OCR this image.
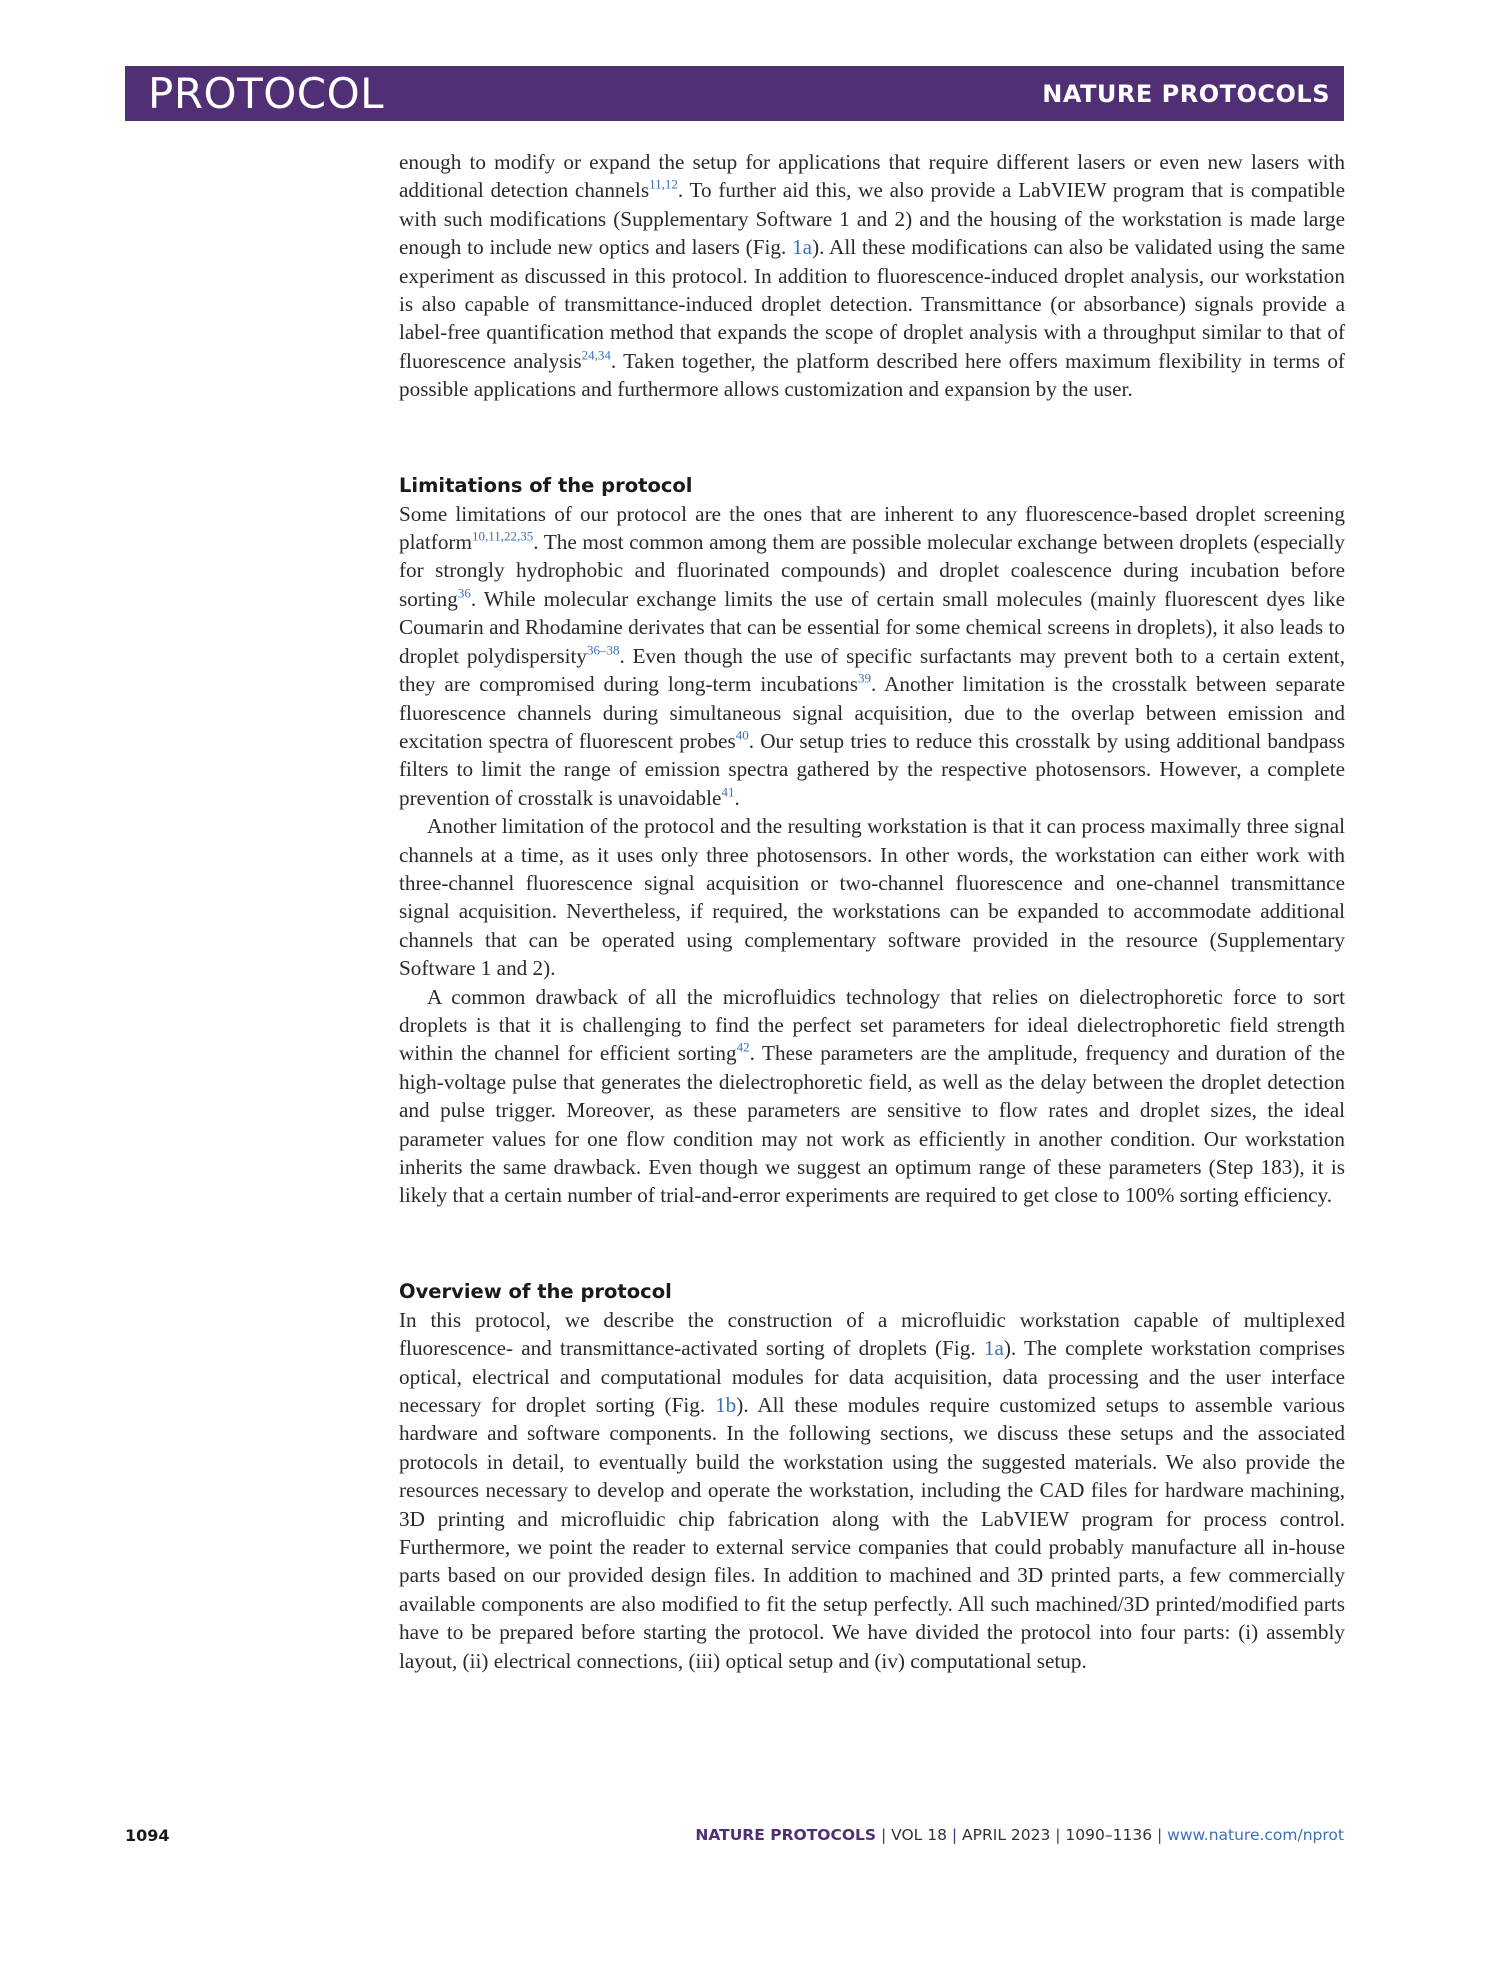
PROTOCOL	NATURE PROTOCOLS

enough to modify or expand the setup for applications that require different lasers or even new lasers with additional detection channels$^{11,12}$. To further aid this, we also provide a LabVIEW program that is compatible with such modifications (Supplementary Software 1 and 2) and the housing of the workstation is made large enough to include new optics and lasers (Fig. 1a). All these modifications can also be validated using the same experiment as discussed in this protocol. In addition to fluorescence-induced droplet analysis, our workstation is also capable of transmittance-induced droplet detection. Transmittance (or absorbance) signals provide a label-free quantification method that expands the scope of droplet analysis with a throughput similar to that of fluorescence analysis$^{24,34}$. Taken together, the platform described here offers maximum flexibility in terms of possible applications and furthermore allows customization and expansion by the user.

Limitations of the protocol

Some limitations of our protocol are the ones that are inherent to any fluorescence-based droplet screening platform$^{10,11,22,35}$. The most common among them are possible molecular exchange between droplets (especially for strongly hydrophobic and fluorinated compounds) and droplet coalescence during incubation before sorting$^{36}$. While molecular exchange limits the use of certain small molecules (mainly fluorescent dyes like Coumarin and Rhodamine derivates that can be essential for some chemical screens in droplets), it also leads to droplet polydispersity$^{36-38}$. Even though the use of specific surfactants may prevent both to a certain extent, they are compromised during long-term incubations$^{39}$. Another limitation is the crosstalk between separate fluorescence channels during simultaneous signal acquisition, due to the overlap between emission and excitation spectra of fluorescent probes$^{40}$. Our setup tries to reduce this crosstalk by using additional bandpass filters to limit the range of emission spectra gathered by the respective photosensors. However, a complete prevention of crosstalk is unavoidable$^{41}$.

Another limitation of the protocol and the resulting workstation is that it can process maximally three signal channels at a time, as it uses only three photosensors. In other words, the workstation can either work with three-channel fluorescence signal acquisition or two-channel fluorescence and one-channel transmittance signal acquisition. Nevertheless, if required, the workstations can be expanded to accommodate additional channels that can be operated using complementary software provided in the resource (Supplementary Software 1 and 2).

A common drawback of all the microfluidics technology that relies on dielectrophoretic force to sort droplets is that it is challenging to find the perfect set parameters for ideal dielectrophoretic field strength within the channel for efficient sorting$^{42}$. These parameters are the amplitude, frequency and duration of the high-voltage pulse that generates the dielectrophoretic field, as well as the delay between the droplet detection and pulse trigger. Moreover, as these parameters are sensitive to flow rates and droplet sizes, the ideal parameter values for one flow condition may not work as efficiently in another condition. Our workstation inherits the same drawback. Even though we suggest an optimum range of these parameters (Step 183), it is likely that a certain number of trial-and-error experiments are required to get close to 100% sorting efficiency.

Overview of the protocol

In this protocol, we describe the construction of a microfluidic workstation capable of multiplexed fluorescence- and transmittance-activated sorting of droplets (Fig. 1a). The complete workstation comprises optical, electrical and computational modules for data acquisition, data processing and the user interface necessary for droplet sorting (Fig. 1b). All these modules require customized setups to assemble various hardware and software components. In the following sections, we discuss these setups and the associated protocols in detail, to eventually build the workstation using the suggested materials. We also provide the resources necessary to develop and operate the workstation, including the CAD files for hardware machining, 3D printing and microfluidic chip fabrication along with the LabVIEW program for process control. Furthermore, we point the reader to external service companies that could probably manufacture all in-house parts based on our provided design files. In addition to machined and 3D printed parts, a few commercially available components are also modified to fit the setup perfectly. All such machined/3D printed/modified parts have to be prepared before starting the protocol. We have divided the protocol into four parts: (i) assembly layout, (ii) electrical connections, (iii) optical setup and (iv) computational setup.

1094	NATURE PROTOCOLS | VOL 18 | APRIL 2023 | 1090–1136 | www.nature.com/nprot
